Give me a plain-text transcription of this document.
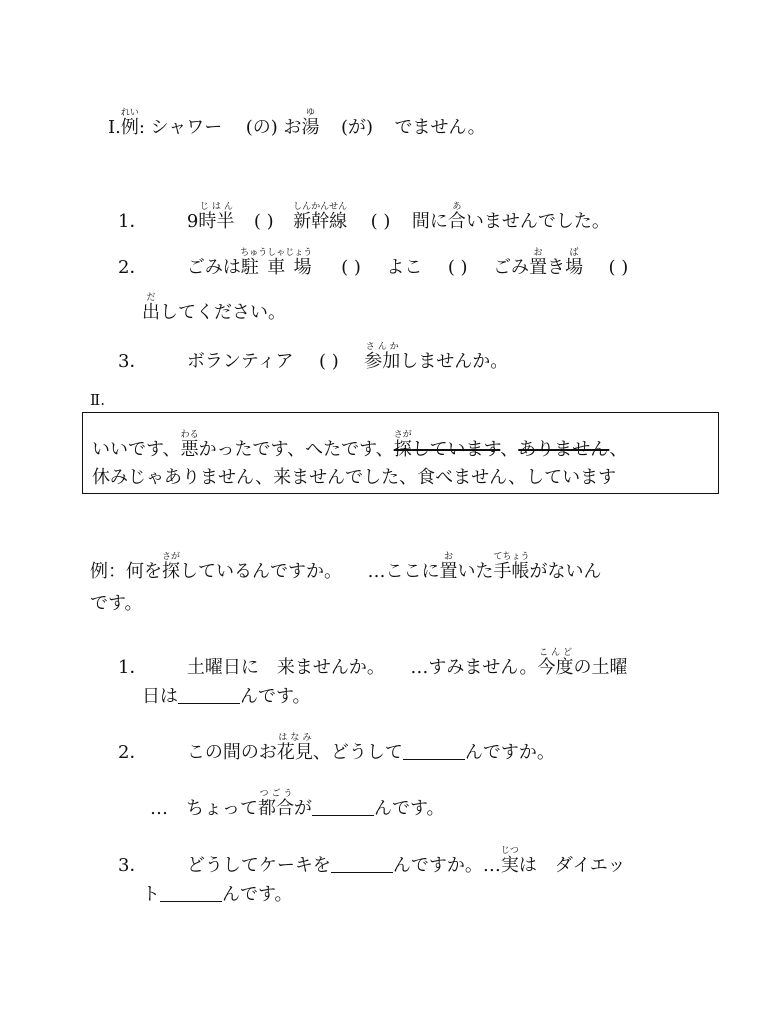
Ⅰ.例れい: シャワー (の) お湯ゆ  (が) でません。
1． 9時半じはん  ( ) 新幹線しんかんせん  ( ) 間に合あいませんでした。
2． ごみは駐 車 場ちゅうしゃじょう  ( ) よこ ( ) ごみ置おき場ば  ( )
出だしてください。
3． ボランティア ( ) 参加さんかしませんか。
Ⅱ.
いいです、悪わるかったです、へたです、探さがしています、ありません、
休みじゃありません、来ませんでした、食べません、しています
例：何を探さがしているんですか。 …ここに置おいた手帳てちょうがないん
です。
1． 土曜日に　来ませんか。 …すみません。今度こんどの土曜
日は	んです。
2． この間のお花見はなみ、どうして	んですか。
…　ちょって都合つごうが	んです。
3． どうしてケーキを	んですか。…実じつは　ダイエッ
ト	んです。
